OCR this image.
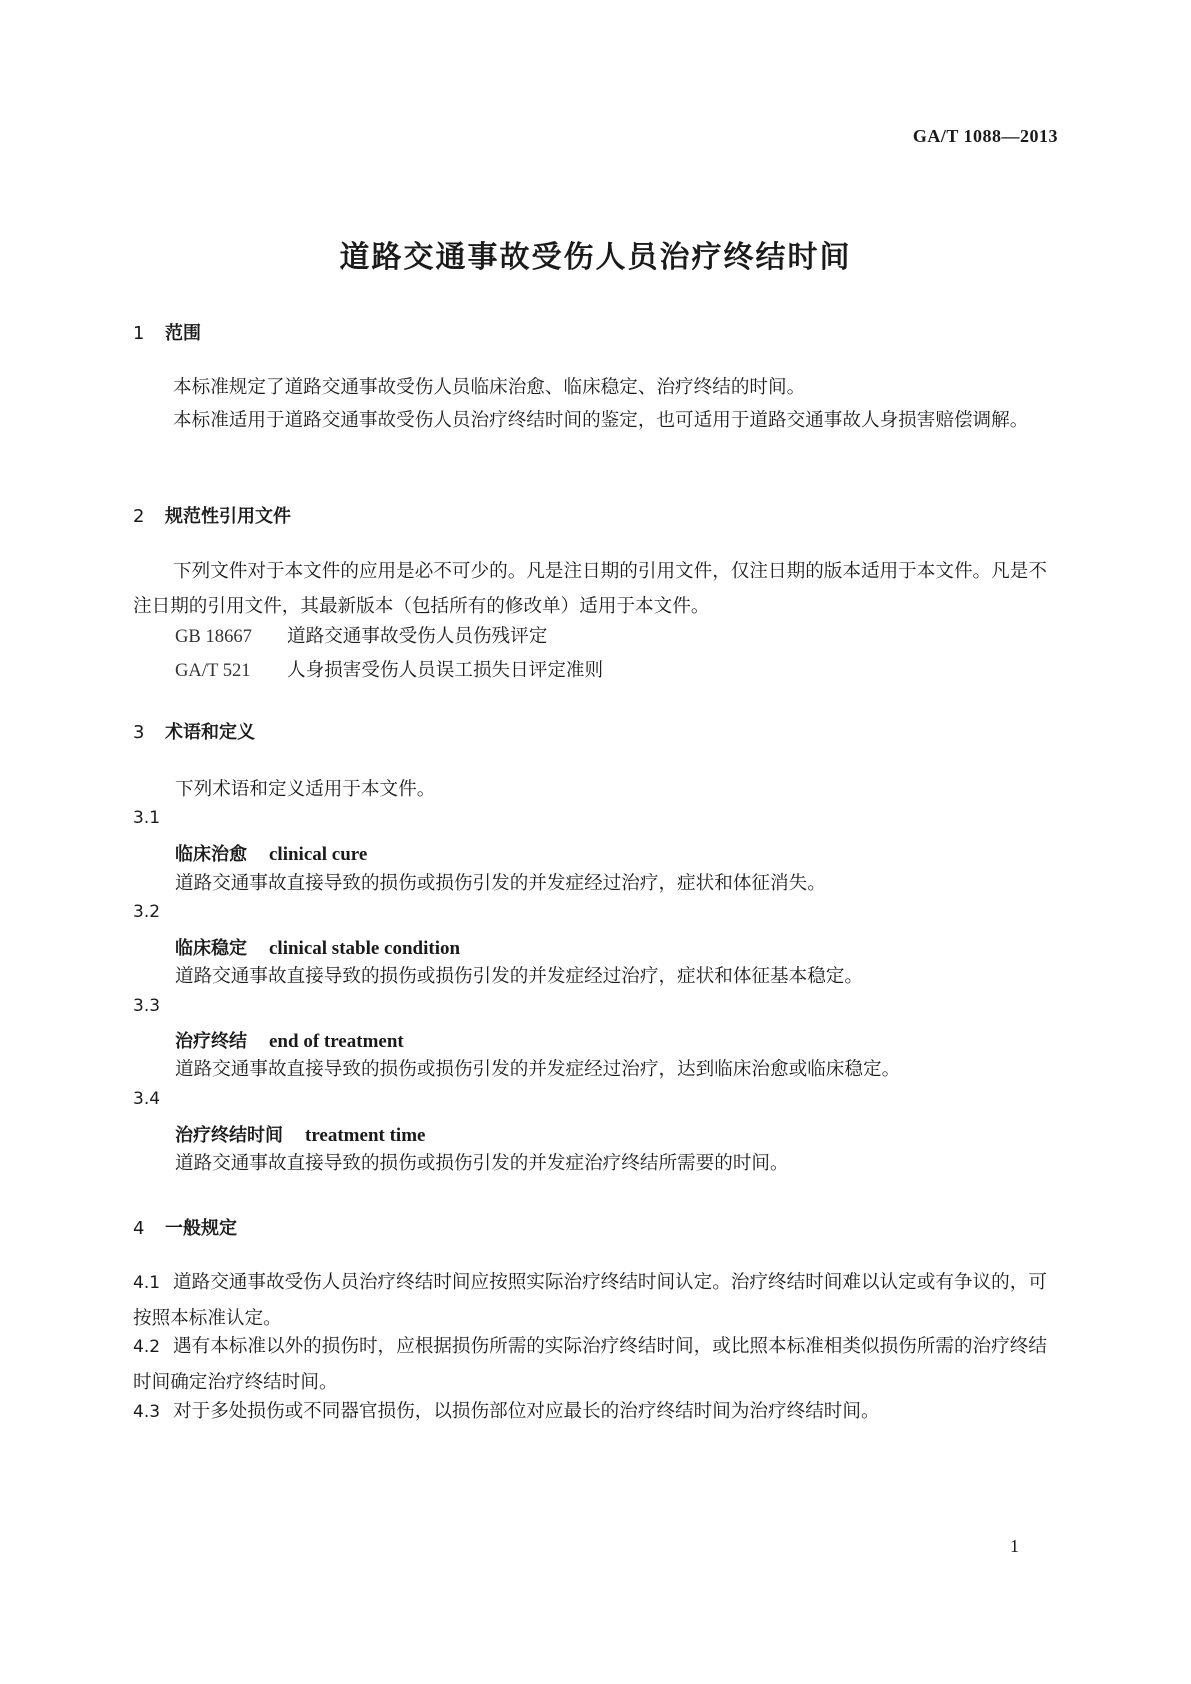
GA/T 1088—2013
道路交通事故受伤人员治疗终结时间
1 范围
本标准规定了道路交通事故受伤人员临床治愈、临床稳定、治疗终结的时间。
本标准适用于道路交通事故受伤人员治疗终结时间的鉴定，也可适用于道路交通事故人身损害赔偿调解。
2 规范性引用文件
下列文件对于本文件的应用是必不可少的。凡是注日期的引用文件，仅注日期的版本适用于本文件。凡是不注日期的引用文件，其最新版本（包括所有的修改单）适用于本文件。
GB 18667 道路交通事故受伤人员伤残评定
GA/T 521 人身损害受伤人员误工损失日评定准则
3 术语和定义
下列术语和定义适用于本文件。
3.1
临床治愈 clinical cure
道路交通事故直接导致的损伤或损伤引发的并发症经过治疗，症状和体征消失。
3.2
临床稳定 clinical stable condition
道路交通事故直接导致的损伤或损伤引发的并发症经过治疗，症状和体征基本稳定。
3.3
治疗终结 end of treatment
道路交通事故直接导致的损伤或损伤引发的并发症经过治疗，达到临床治愈或临床稳定。
3.4
治疗终结时间 treatment time
道路交通事故直接导致的损伤或损伤引发的并发症治疗终结所需要的时间。
4 一般规定
4.1 道路交通事故受伤人员治疗终结时间应按照实际治疗终结时间认定。治疗终结时间难以认定或有争议的，可按照本标准认定。
4.2 遇有本标准以外的损伤时，应根据损伤所需的实际治疗终结时间，或比照本标准相类似损伤所需的治疗终结时间确定治疗终结时间。
4.3 对于多处损伤或不同器官损伤，以损伤部位对应最长的治疗终结时间为治疗终结时间。
1
